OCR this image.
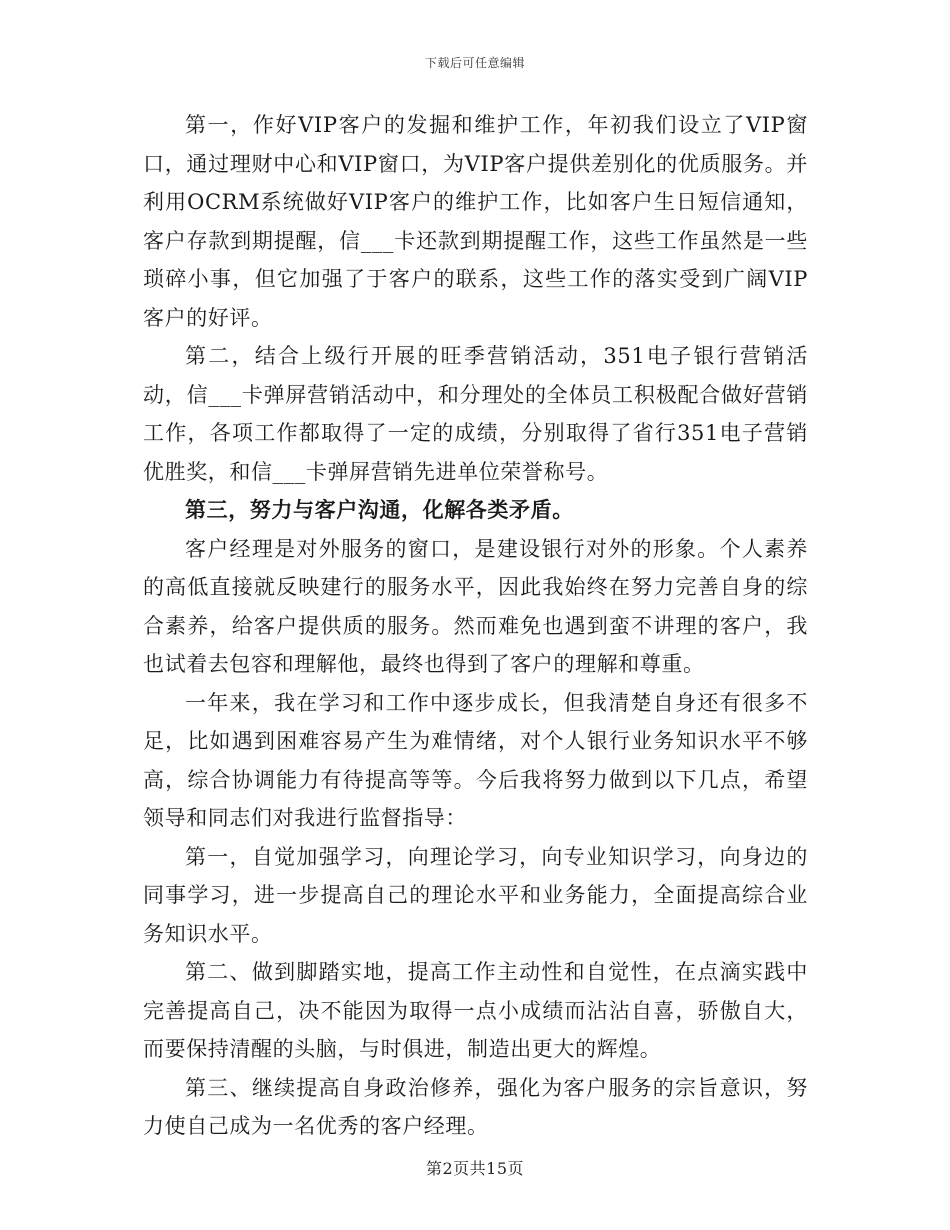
下载后可任意编辑

第一，作好VIP客户的发掘和维护工作，年初我们设立了VIP窗口，通过理财中心和VIP窗口，为VIP客户提供差别化的优质服务。并利用OCRM系统做好VIP客户的维护工作，比如客户生日短信通知，客户存款到期提醒，信___卡还款到期提醒工作，这些工作虽然是一些琐碎小事，但它加强了于客户的联系，这些工作的落实受到广阔VIP客户的好评。

第二，结合上级行开展的旺季营销活动，351电子银行营销活动，信___卡弹屏营销活动中，和分理处的全体员工积极配合做好营销工作，各项工作都取得了一定的成绩，分别取得了省行351电子营销优胜奖，和信___卡弹屏营销先进单位荣誉称号。

第三，努力与客户沟通，化解各类矛盾。

客户经理是对外服务的窗口，是建设银行对外的形象。个人素养的高低直接就反映建行的服务水平，因此我始终在努力完善自身的综合素养，给客户提供质的服务。然而难免也遇到蛮不讲理的客户，我也试着去包容和理解他，最终也得到了客户的理解和尊重。

一年来，我在学习和工作中逐步成长，但我清楚自身还有很多不足，比如遇到困难容易产生为难情绪，对个人银行业务知识水平不够高，综合协调能力有待提高等等。今后我将努力做到以下几点，希望领导和同志们对我进行监督指导：

第一，自觉加强学习，向理论学习，向专业知识学习，向身边的同事学习，进一步提高自己的理论水平和业务能力，全面提高综合业务知识水平。

第二、做到脚踏实地，提高工作主动性和自觉性，在点滴实践中完善提高自己，决不能因为取得一点小成绩而沾沾自喜，骄傲自大，而要保持清醒的头脑，与时俱进，制造出更大的辉煌。

第三、继续提高自身政治修养，强化为客户服务的宗旨意识，努力使自己成为一名优秀的客户经理。

第2页共15页
